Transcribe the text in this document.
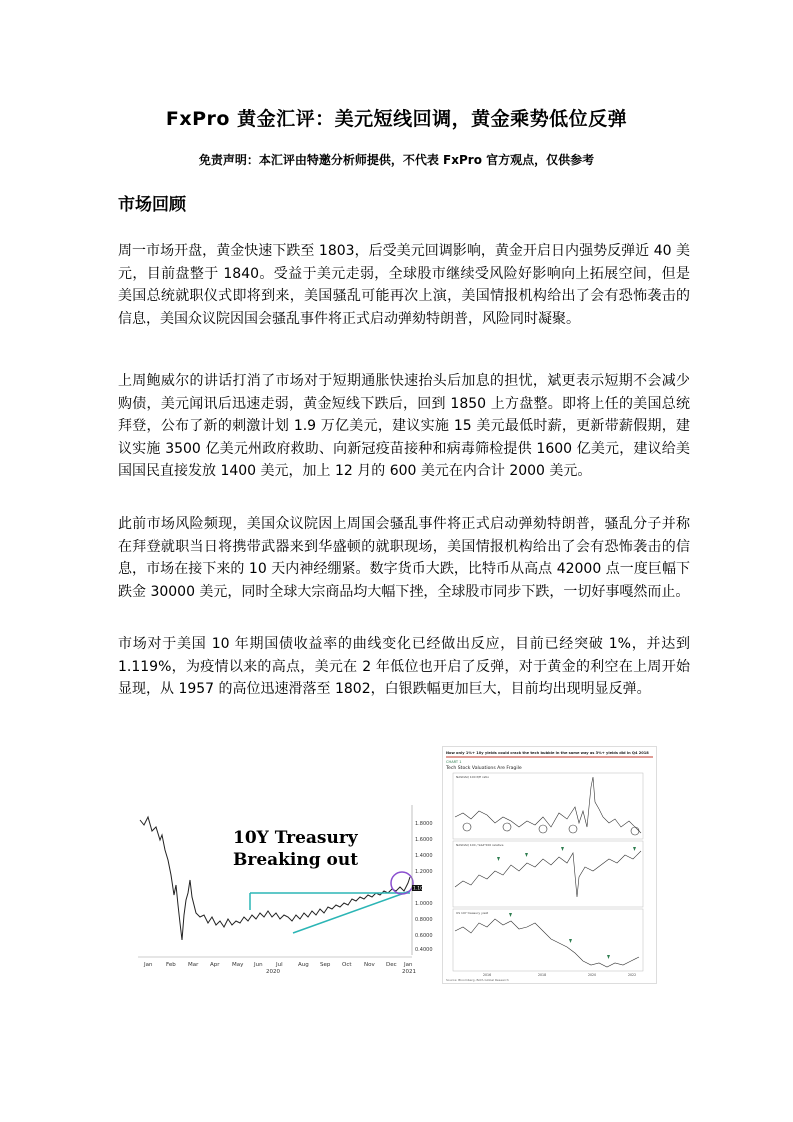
FxPro 黄金汇评：美元短线回调，黄金乘势低位反弹
免责声明：本汇评由特邀分析师提供，不代表 FxPro 官方观点，仅供参考
市场回顾
周一市场开盘，黄金快速下跌至 1803，后受美元回调影响，黄金开启日内强势反弹近 40 美元，目前盘整于 1840。受益于美元走弱，全球股市继续受风险好影响向上拓展空间，但是美国总统就职仪式即将到来，美国骚乱可能再次上演，美国情报机构给出了会有恐怖袭击的信息，美国众议院因国会骚乱事件将正式启动弹劾特朗普，风险同时凝聚。
上周鲍威尔的讲话打消了市场对于短期通胀快速抬头后加息的担忧，斌更表示短期不会减少购债，美元闻讯后迅速走弱，黄金短线下跌后，回到 1850 上方盘整。即将上任的美国总统拜登，公布了新的刺激计划 1.9 万亿美元，建议实施 15 美元最低时薪，更新带薪假期，建议实施 3500 亿美元州政府救助、向新冠疫苗接种和病毒筛检提供 1600 亿美元，建议给美国国民直接发放 1400 美元，加上 12 月的 600 美元在内合计 2000 美元。
此前市场风险频现，美国众议院因上周国会骚乱事件将正式启动弹劾特朗普，骚乱分子并称在拜登就职当日将携带武器来到华盛顿的就职现场，美国情报机构给出了会有恐怖袭击的信息，市场在接下来的 10 天内神经绷紧。数字货币大跌，比特币从高点 42000 点一度巨幅下跌金 30000 美元，同时全球大宗商品均大幅下挫，全球股市同步下跌，一切好事嘎然而止。
市场对于美国 10 年期国债收益率的曲线变化已经做出反应，目前已经突破 1%，并达到 1.119%，为疫情以来的高点，美元在 2 年低位也开启了反弹，对于黄金的利空在上周开始显现，从 1957 的高位迅速滑落至 1802，白银跌幅更加巨大，目前均出现明显反弹。
1.8000
1.6000
1.4000
1.2000
1.0000
0.8000
0.6000
0.4000
1.1060
10Y Treasury
Breaking out
Jan Feb Mar Apr May Jun Jul	Aug Sep Oct Nov Dec Jan
2020	2021
Now only 1%+ 10y yields could crack the tech bubble in the same way as 3%+ yields did in Q4 2018
CHART 1
Tech Stock Valuations Are Fragile
NASDAQ 100 P/E ratio
NASDAQ 100 / S&P 500 relative
US 10Y treasury yield
2016	2018	2020	2022
Source: Bloomberg, BofA Global Research
